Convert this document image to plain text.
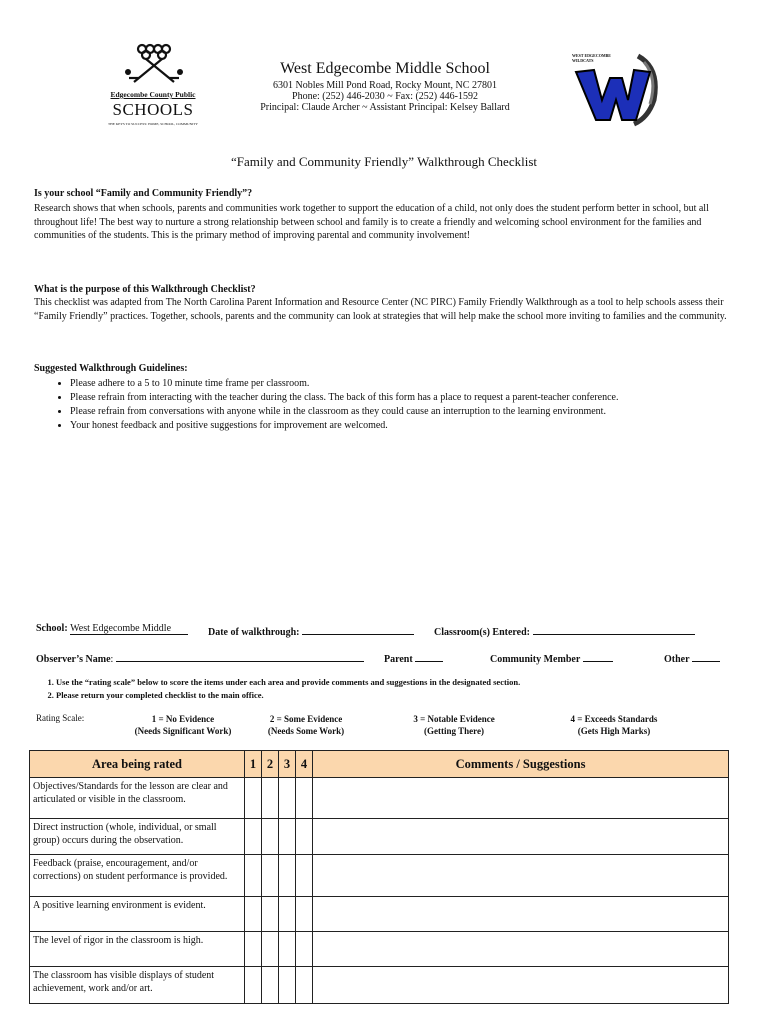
Edgecombe County Public
SCHOOLS
THE KEYS TO SUCCESS: HOME, SCHOOL, COMMUNITY
West Edgecombe Middle School
6301 Nobles Mill Pond Road, Rocky Mount, NC 27801
Phone: (252) 446-2030 ~ Fax: (252) 446-1592
Principal: Claude Archer ~ Assistant Principal: Kelsey Ballard
WEST EDGECOMBE
WILDCATS
W
“Family and Community Friendly” Walkthrough Checklist
Is your school “Family and Community Friendly”?
Research shows that when schools, parents and communities work together to support the education of a child, not only does the student perform better in school, but all throughout life! The best way to nurture a strong relationship between school and family is to create a friendly and welcoming school environment for the families and communities of the students. This is the primary method of improving parental and community involvement!
What is the purpose of this Walkthrough Checklist?
This checklist was adapted from The North Carolina Parent Information and Resource Center (NC PIRC) Family Friendly Walkthrough as a tool to help schools assess their “Family Friendly” practices. Together, schools, parents and the community can look at strategies that will help make the school more inviting to families and the community.
Suggested Walkthrough Guidelines:
• Please adhere to a 5 to 10 minute time frame per classroom.
• Please refrain from interacting with the teacher during the class. The back of this form has a place to request a parent-teacher conference.
• Please refrain from conversations with anyone while in the classroom as they could cause an interruption to the learning environment.
• Your honest feedback and positive suggestions for improvement are welcomed.
School: West Edgecombe Middle	Date of walkthrough:	Classroom(s) Entered:
Observer’s Name:	Parent	Community Member	Other
1. Use the “rating scale” below to score the items under each area and provide comments and suggestions in the designated section.
2. Please return your completed checklist to the main office.
Rating Scale:	1 = No Evidence
(Needs Significant Work)
2 = Some Evidence
(Needs Some Work)
3 = Notable Evidence
(Getting There)
4 = Exceeds Standards
(Gets High Marks)
Area being rated	1	2	3	4	Comments / Suggestions
Objectives/Standards for the lesson are clear and articulated or visible in the classroom.					
Direct instruction (whole, individual, or small group) occurs during the observation.					
Feedback (praise, encouragement, and/or corrections) on student performance is provided.					
A positive learning environment is evident.					
The level of rigor in the classroom is high.					
The classroom has visible displays of student achievement, work and/or art.					
